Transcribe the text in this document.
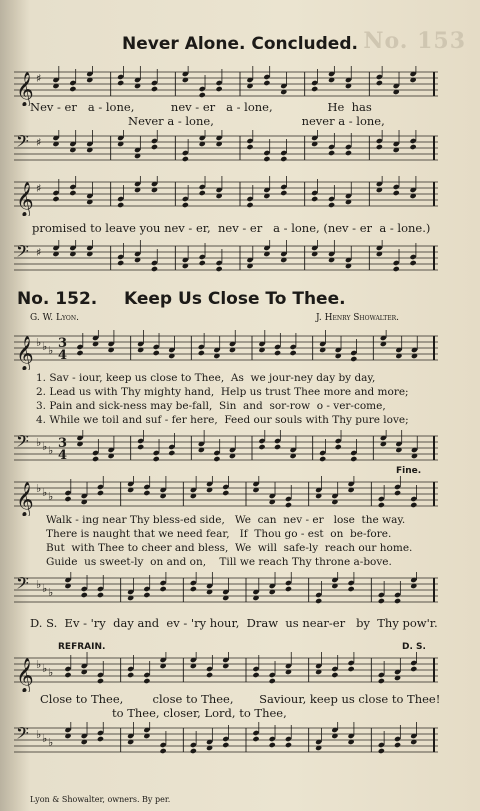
No. 153
Never Alone. Concluded.
𝄞 ♯
Nev - er   a - lone,          nev - er   a - lone,               He  has
Never a - lone,                        never a - lone,
𝄢 ♯
𝄞 ♯
promised to leave you nev - er,  nev - er   a - lone, (nev - er  a - lone.)
𝄢 ♯
No. 152. Keep Us Close To Thee.
G. W. Lyon.	J. Henry Showalter.
𝄞 ♭ ♭ ♭ 3
4
1. Sav - iour, keep us close to Thee,  As  we jour-ney day by day,
2. Lead us with Thy mighty hand,  Help us trust Thee more and more;
3. Pain and sick-ness may be-fall,  Sin  and  sor-row  o - ver-come,
4. While we toil and suf - fer here,  Feed our souls with Thy pure love;
𝄢 ♭ ♭ ♭ 3
4
Fine.
𝄞 ♭ ♭ ♭
Walk - ing near Thy bless-ed side,   We  can  nev - er   lose  the way.
There is naught that we need fear,   If  Thou go - est  on  be-fore.
But  with Thee to cheer and bless,  We  will  safe-ly  reach our home.
Guide  us sweet-ly  on and on,    Till we reach Thy throne a-bove.
𝄢 ♭ ♭ ♭
D. S.  Ev - 'ry  day and  ev - 'ry hour,  Draw  us near-er   by  Thy pow'r.
REFRAIN.	D. S.
𝄞 ♭ ♭ ♭
Close to Thee,        close to Thee,       Saviour, keep us close to Thee!
to Thee, closer, Lord, to Thee,
𝄢 ♭ ♭ ♭
Lyon & Showalter, owners. By per.
